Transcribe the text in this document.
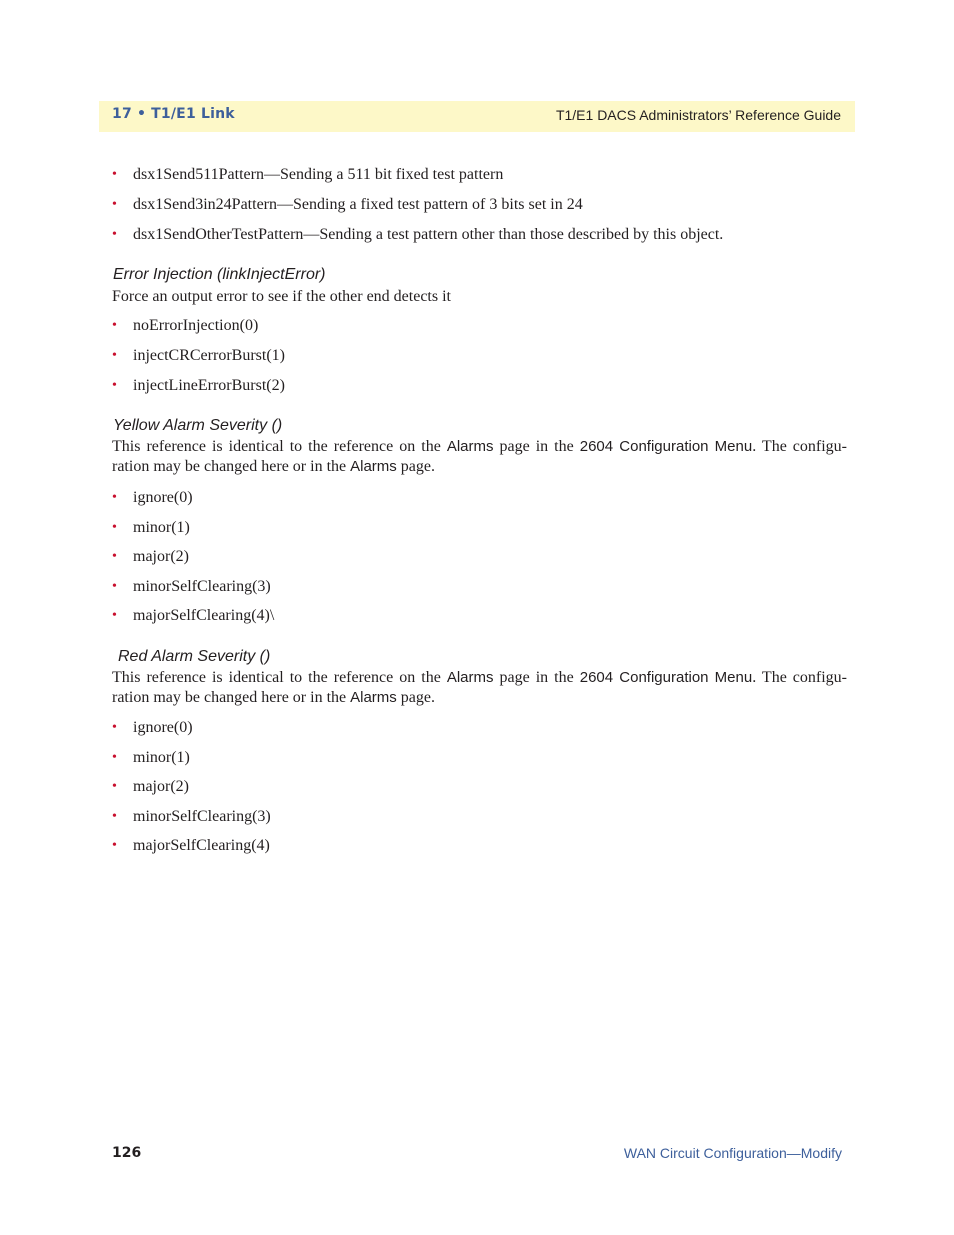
17 • T1/E1 Link	T1/E1 DACS Administrators’ Reference Guide
• dsx1Send511Pattern—Sending a 511 bit fixed test pattern
• dsx1Send3in24Pattern—Sending a fixed test pattern of 3 bits set in 24
• dsx1SendOtherTestPattern—Sending a test pattern other than those described by this object.
Error Injection (linkInjectError)
Force an output error to see if the other end detects it
• noErrorInjection(0)
• injectCRCerrorBurst(1)
• injectLineErrorBurst(2)
Yellow Alarm Severity ()
This reference is identical to the reference on the Alarms page in the 2604 Configuration Menu. The configu-ration may be changed here or in the Alarms page.
• ignore(0)
• minor(1)
• major(2)
• minorSelfClearing(3)
• majorSelfClearing(4)\
Red Alarm Severity ()
This reference is identical to the reference on the Alarms page in the 2604 Configuration Menu. The configu-ration may be changed here or in the Alarms page.
• ignore(0)
• minor(1)
• major(2)
• minorSelfClearing(3)
• majorSelfClearing(4)
126	WAN Circuit Configuration—Modify
